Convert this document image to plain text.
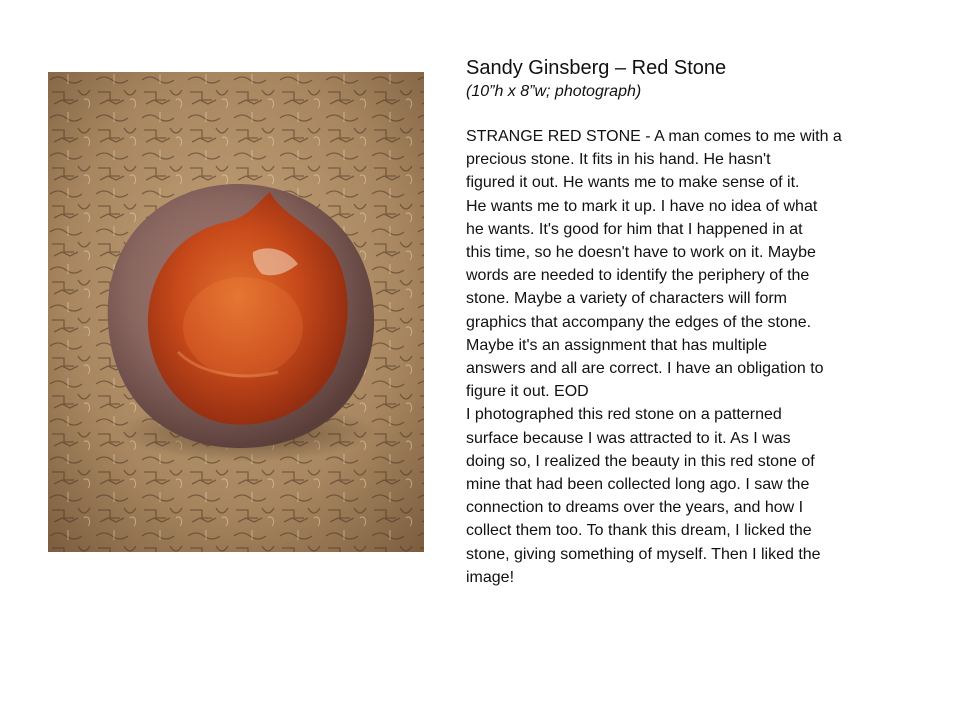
Sandy Ginsberg – Red Stone

(10”h x 8”w; photograph)

STRANGE RED STONE - A man comes to me with a
precious stone. It fits in his hand. He hasn't
figured it out. He wants me to make sense of it.
He wants me to mark it up. I have no idea of what
he wants. It's good for him that I happened in at
this time, so he doesn't have to work on it. Maybe
words are needed to identify the periphery of the
stone. Maybe a variety of characters will form
graphics that accompany the edges of the stone.
Maybe it's an assignment that has multiple
answers and all are correct. I have an obligation to
figure it out. EOD
I photographed this red stone on a patterned
surface because I was attracted to it. As I was
doing so, I realized the beauty in this red stone of
mine that had been collected long ago. I saw the
connection to dreams over the years, and how I
collect them too. To thank this dream, I licked the
stone, giving something of myself. Then I liked the
image!
